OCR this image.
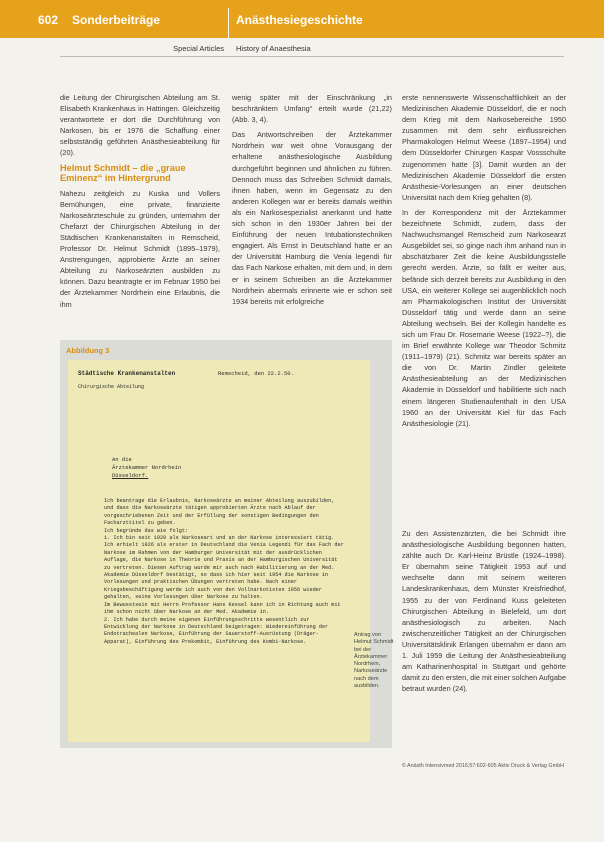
602 Sonderbeiträge	Anästhesiegeschichte
Special Articles History of Anaesthesia

die Leitung der Chirurgischen Abteilung am St. Elisabeth Krankenhaus in Hattingen. Gleichzeitig verantwortete er dort die Durchführung von Narkosen, bis er 1976 die Schaffung einer selbstständig geführten Anästhesieabteilung für (20).

Helmut Schmidt – die „graue Eminenz“ im Hintergrund

Nahezu zeitgleich zu Kuska und Vollers Bemühungen, eine private, finanzierte Narkoseärzteschule zu gründen, unternahm der Chefarzt der Chirurgischen Abteilung in der Städtischen Krankenanstalten in Remscheid, Professor Dr. Helmut Schmidt (1895–1979), Anstrengungen, approbierte Ärzte an seiner Abteilung zu Narkoseärzten ausbilden zu können. Dazu beantragte er im Februar 1950 bei der Ärztekammer Nordrhein eine Erlaubnis, die ihm

wenig später mit der Einschränkung „in beschränktem Umfang“ erteilt wurde (21,22) (Abb. 3, 4).

Das Antwortschreiben der Ärztekammer Nordrhein war weit ohne Vorausgang der erhaltene anästhesiologische Ausbildung durchgeführt beginnen und ähnlichen zu führen. Dennoch muss das Schreiben Schmidt damals, ihnen haben, wenn im Gegensatz zu den anderen Kollegen war er bereits damals weithin als ein Narkosespezialist anerkannt und hatte sich schon in den 1930er Jahren bei der Einführung der neuen Intubationstechniken engagiert. Als Ernst in Deutschland hatte er an der Universität Hamburg die Venia legendi für das Fach Narkose erhalten, mit dem und, in dem er in seinem Schreiben an die Ärztekammer Nordrhein abermals erinnerte wie er schon seit 1934 bereits mit erfolgreiche

erste nennenswerte Wissenschaftlichkeit an der Medizinischen Akademie Düsseldorf, die er noch dem Krieg mit dem Narkosebereiche 1950 zusammen mit dem sehr einflussreichen Pharmakologen Helmut Weese (1897–1954) und dem Düsseldorfer Chirurgen Kaspar Vossschulte zugenommen hatte [3]. Damit wurden an der Medizinischen Akademie Düsseldorf die ersten Anästhesie-Vorlesungen an einer deutschen Universität nach dem Krieg gehalten (8).

In der Korrespondenz mit der Ärztekammer bezeichnete Schmidt, zudem, dass der Nachwuchsmangel Remscheid zum Narkosearzt Ausgebildet sei, so ginge nach ihm anhand nun in abschätzbarer Zeit die keine Ausbildungsstelle gerecht werden. Ärzte, so fällt er weiter aus, befände sich derzeit bereits zur Ausbildung in den USA, ein weiterer Kollege sei augenblicklich noch am Pharmakologischen Institut der Universität Düsseldorf tätig und werde dann an seine Abteilung wechseln. Bei der Kollegin handelte es sich um Frau Dr. Rosemarie Weese (1922–?), die im Brief erwähnte Kollege war Theodor Schmitz (1911–1979) (21). Schmitz war bereits später an die von Dr. Martin Zindler geleitete Anästhesieabteilung an der Medizinischen Akademie in Düsseldorf und habilitierte sich nach einem längeren Studienaufenthalt in den USA 1960 an der Universität Kiel für das Fach Anästhesiologie (21).

Zu den Assistenzärzten, die bei Schmidt ihre anästhesiologische Ausbildung begonnen hatten, zählte auch Dr. Karl-Heinz Brüstle (1924–1998). Er übernahm seine Tätigkeit 1953 auf und wechselte dann mit seinem weiteren Landeskrankenhaus, dem Münster Kreisfriedhof, 1955 zu der von Ferdinand Kuss geleiteten Chirurgischen Abteilung in Bielefeld, um dort anästhesiologisch zu arbeiten. Nach zwischenzeitlicher Tätigkeit an der Chirurgischen Universitätsklinik Erlangen übernahm er dann am 1. Juli 1959 die Leitung der Anästhesieabteilung am Katharinenhospital in Stuttgart und gehörte damit zu den ersten, die mit einer solchen Aufgabe betraut wurden (24).

Abbildung 3
Städtische Krankenanstalten	Remscheid, den 22.2.50.
Chirurgische Abteilung
An die
Ärztekammer Nordrhein
Düsseldorf.
Ich beantrage die Erlaubnis, Narkoseärzte an meiner Abteilung auszubilden, und dass die Narkoseärzte tätigen approbierten Ärzte nach Ablauf der vorgeschriebenen Zeit und der Erfüllung der sonstigen Bedingungen den Facharzttitel zu geben.
Ich begründe das wie folgt:
1. Ich bin seit 1920 als Narkoseart und an der Narkose interessiert tätig. Ich erhielt 1926 als erster in Deutschland die Venia Legendi für das Fach der Narkose im Rahmen von der Hamburger Universität mit der ausdrücklichen Auflage, die Narkose in Theorie und Praxis an der Hamburgischen Universität zu vertreten. Diesen Auftrag wurde mir auch nach Habilitierung an der Med. Akademie Düsseldorf bestätigt, so dass ich hier seit 1954 die Narkose in Vorlesungen und praktischen Übungen vertreten habe. Nach einer Kriegsbeschäftigung werde ich auch von den Vollnarkotisten 1956 wieder gehalten, seine Vorlesungen über Narkose zu halten.
Im Bewusstsein mit Herrn Professor Hans Kessel kann ich in Richtung auch mit ihm schon nicht über Narkose an der Med. Akademie in.
2. Ich habe durch meine eigenen Einführungsschritte wesentlich zur Entwicklung der Narkose in Deutschland beigetragen: Wiedereinführung der Endotrachealen Narkose, Einführung der Sauerstoff-Ausrüstung (Dräger-Apparat), Einführung des Prekombit, Einführung des Kombi-Narkose.
Antrag von Helmut Schmidt bei der Ärztekammer Nordrhein, Narkoseärzte nach dem ausbilden.
© Anästh Intensivmed 2016;57:602-605 Aktiv Druck & Verlag GmbH
